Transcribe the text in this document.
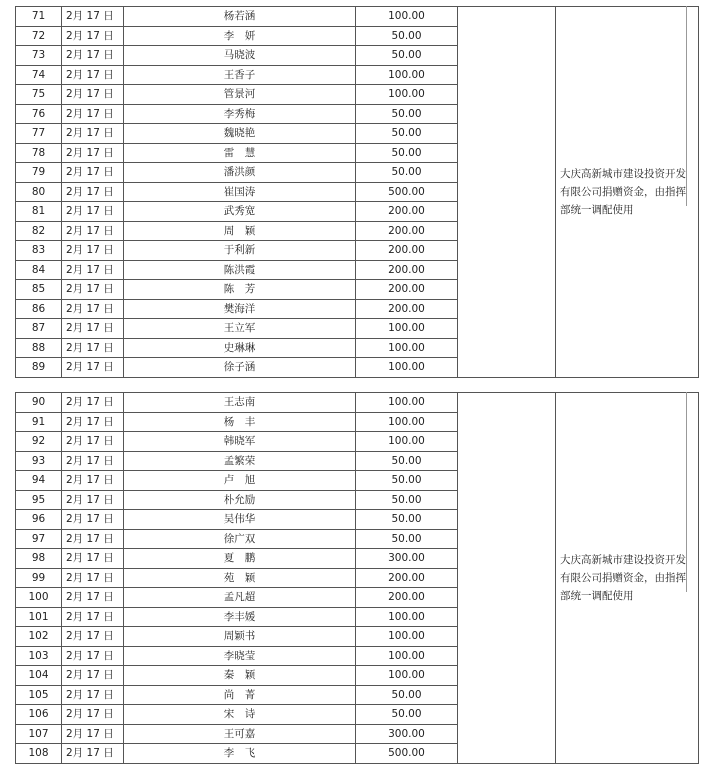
71	2月 17 日	杨若涵	100.00		大庆高新城市建设投资开发有限公司捐赠资金，由指挥部统一调配使用
72	2月 17 日	李　妍	50.00		
73	2月 17 日	马晓波	50.00		
74	2月 17 日	王香子	100.00		
75	2月 17 日	管景河	100.00		
76	2月 17 日	李秀梅	50.00		
77	2月 17 日	魏晓艳	50.00		
78	2月 17 日	雷　慧	50.00		
79	2月 17 日	潘洪颜	50.00		
80	2月 17 日	崔国涛	500.00		
81	2月 17 日	武秀宽	200.00		
82	2月 17 日	周　颖	200.00		
83	2月 17 日	于利新	200.00		
84	2月 17 日	陈洪霞	200.00		
85	2月 17 日	陈　芳	200.00		
86	2月 17 日	樊海洋	200.00		
87	2月 17 日	王立军	100.00		
88	2月 17 日	史琳琳	100.00		
89	2月 17 日	徐子涵	100.00		
90	2月 17 日	王志南	100.00		大庆高新城市建设投资开发有限公司捐赠资金，由指挥部统一调配使用
91	2月 17 日	杨　丰	100.00		
92	2月 17 日	韩晓军	100.00		
93	2月 17 日	孟繁荣	50.00		
94	2月 17 日	卢　旭	50.00		
95	2月 17 日	朴允励	50.00		
96	2月 17 日	吴伟华	50.00		
97	2月 17 日	徐广双	50.00		
98	2月 17 日	夏　鹏	300.00		
99	2月 17 日	苑　颖	200.00		
100	2月 17 日	孟凡超	200.00		
101	2月 17 日	李丰媛	100.00		
102	2月 17 日	周颖书	100.00		
103	2月 17 日	李晓莹	100.00		
104	2月 17 日	秦　颖	100.00		
105	2月 17 日	尚　菁	50.00		
106	2月 17 日	宋　诗	50.00		
107	2月 17 日	王可嘉	300.00		
108	2月 17 日	李　飞	500.00		
